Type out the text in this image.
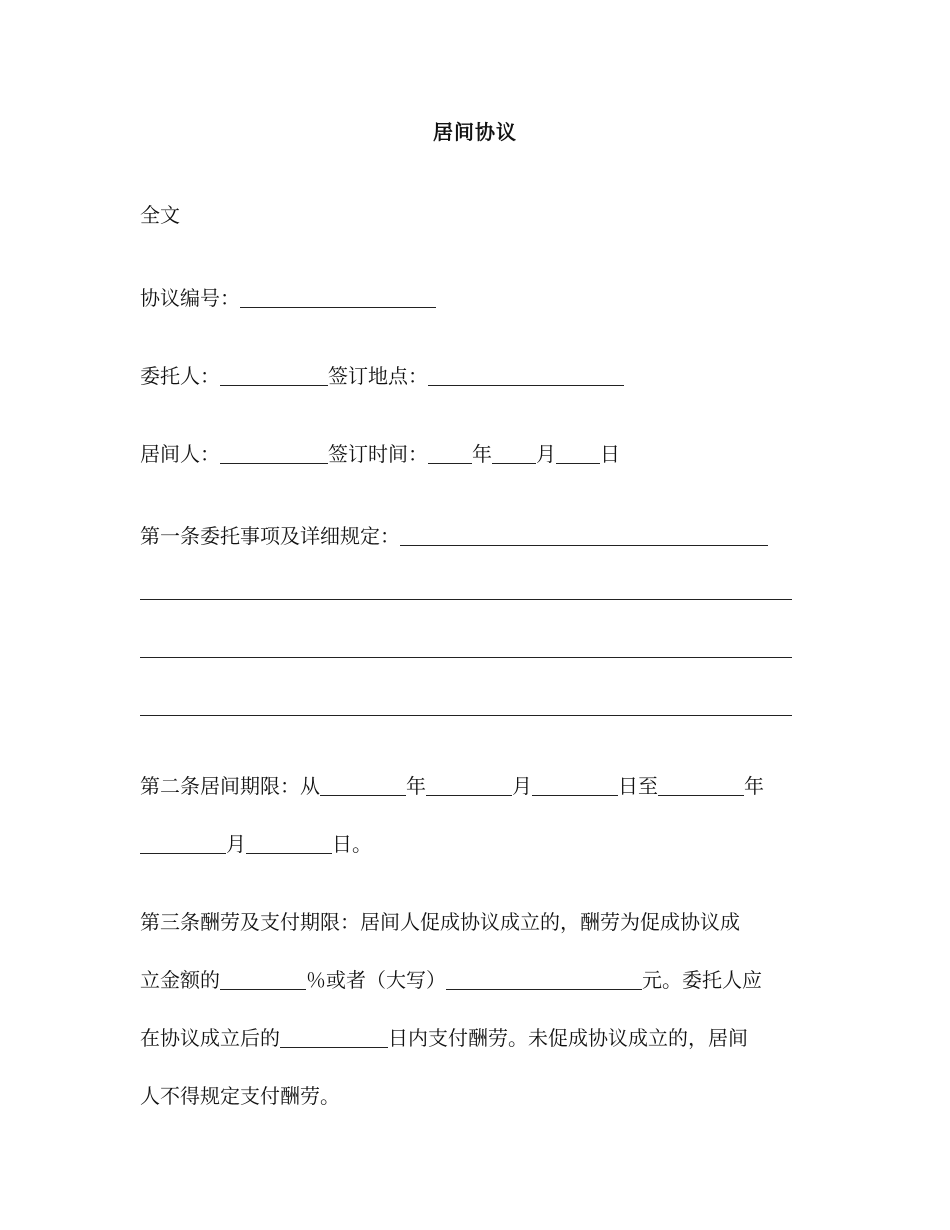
居间协议
全文
协议编号：
委托人：	签订地点：
居间人：	签订时间： 年 月 日
第一条委托事项及详细规定：
第二条居间期限：从	年	月	日至	年
月	日。
第三条酬劳及支付期限：居间人促成协议成立的，酬劳为促成协议成
立金额的	％或者（大写）	元。委托人应
在协议成立后的	日内支付酬劳。未促成协议成立的，居间
人不得规定支付酬劳。
